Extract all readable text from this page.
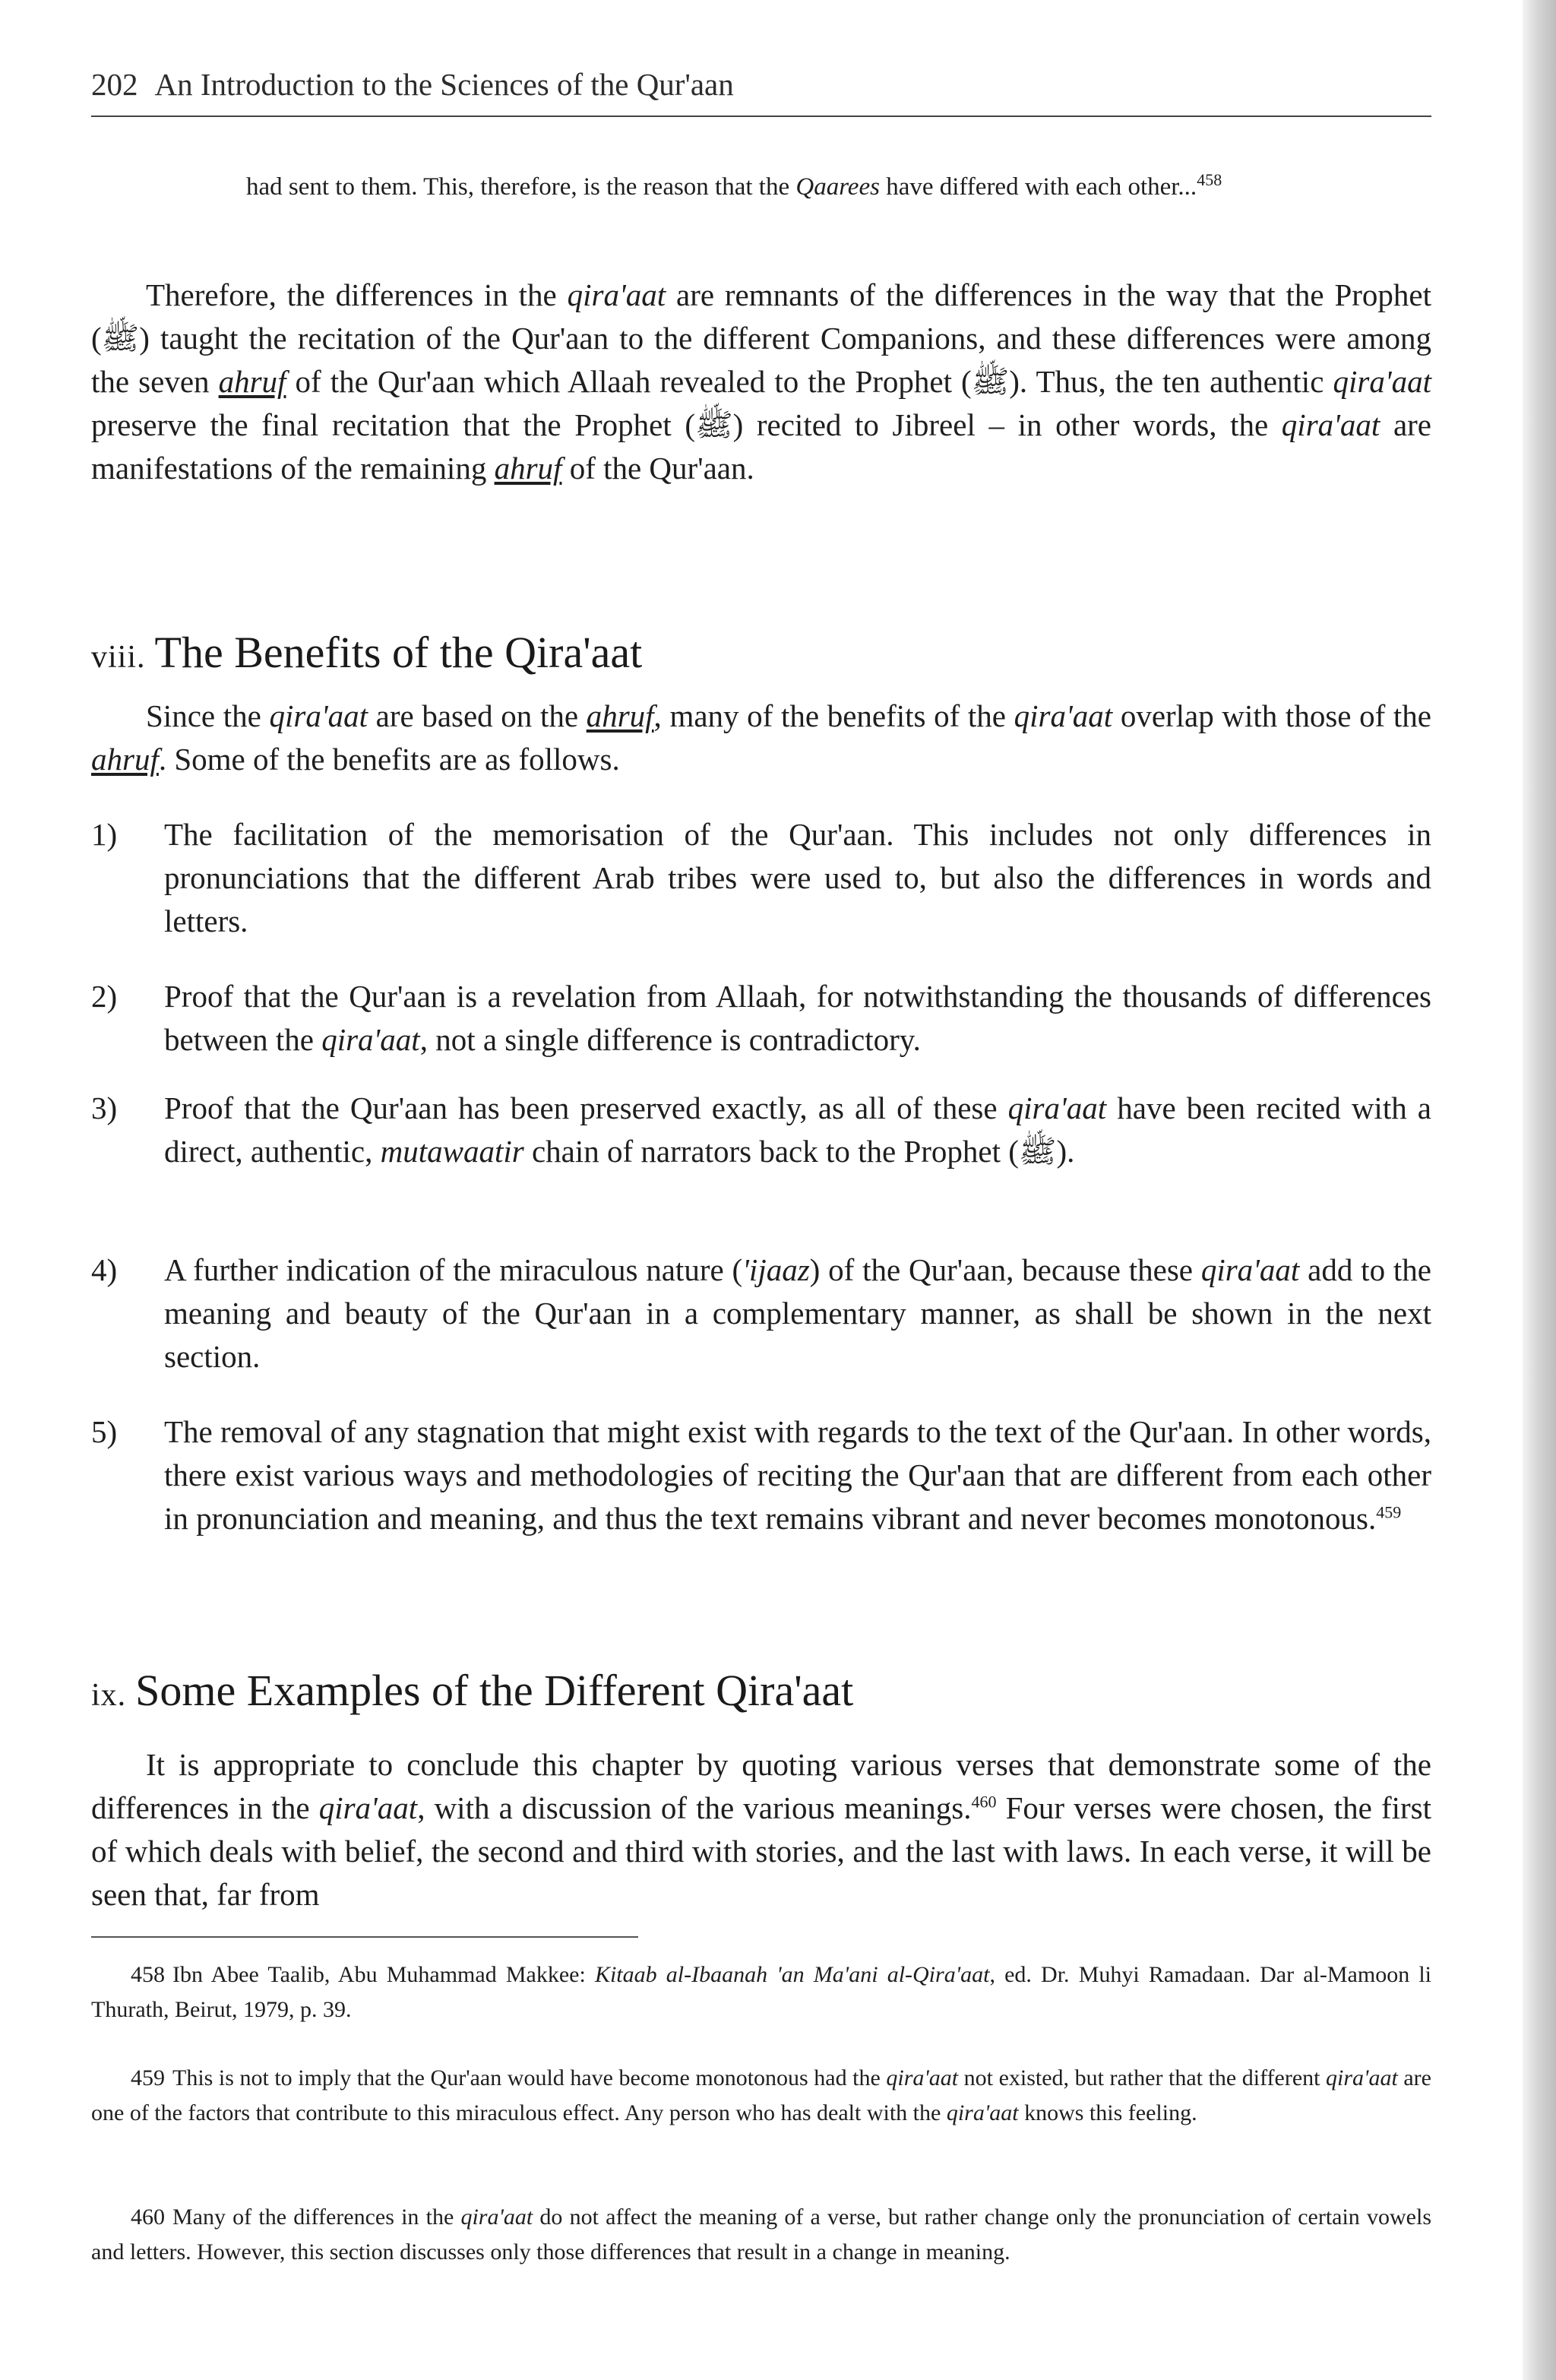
202 An Introduction to the Sciences of the Qur'aan
had sent to them. This, therefore, is the reason that the Qaarees have differed with each other...$^{458}$
Therefore, the differences in the qira'aat are remnants of the differences in the way that the Prophet (ﷺ) taught the recitation of the Qur'aan to the different Companions, and these differences were among the seven ahruf of the Qur'aan which Allaah revealed to the Prophet (ﷺ). Thus, the ten authentic qira'aat preserve the final recitation that the Prophet (ﷺ) recited to Jibreel – in other words, the qira'aat are manifestations of the remaining ahruf of the Qur'aan.
viii. The Benefits of the Qira'aat
Since the qira'aat are based on the ahruf, many of the benefits of the qira'aat overlap with those of the ahruf. Some of the benefits are as follows.
1) The facilitation of the memorisation of the Qur'aan. This includes not only differences in pronunciations that the different Arab tribes were used to, but also the differences in words and letters.
2) Proof that the Qur'aan is a revelation from Allaah, for notwithstanding the thousands of differences between the qira'aat, not a single difference is contradictory.
3) Proof that the Qur'aan has been preserved exactly, as all of these qira'aat have been recited with a direct, authentic, mutawaatir chain of narrators back to the Prophet (ﷺ).
4) A further indication of the miraculous nature ('ijaaz) of the Qur'aan, because these qira'aat add to the meaning and beauty of the Qur'aan in a complementary manner, as shall be shown in the next section.
5) The removal of any stagnation that might exist with regards to the text of the Qur'aan. In other words, there exist various ways and methodologies of reciting the Qur'aan that are different from each other in pronunciation and meaning, and thus the text remains vibrant and never becomes monotonous.$^{459}$
ix. Some Examples of the Different Qira'aat
It is appropriate to conclude this chapter by quoting various verses that demonstrate some of the differences in the qira'aat, with a discussion of the various meanings.$^{460}$ Four verses were chosen, the first of which deals with belief, the second and third with stories, and the last with laws. In each verse, it will be seen that, far from
458 Ibn Abee Taalib, Abu Muhammad Makkee: Kitaab al-Ibaanah 'an Ma'ani al-Qira'aat, ed. Dr. Muhyi Ramadaan. Dar al-Mamoon li Thurath, Beirut, 1979, p. 39.
459 This is not to imply that the Qur'aan would have become monotonous had the qira'aat not existed, but rather that the different qira'aat are one of the factors that contribute to this miraculous effect. Any person who has dealt with the qira'aat knows this feeling.
460 Many of the differences in the qira'aat do not affect the meaning of a verse, but rather change only the pronunciation of certain vowels and letters. However, this section discusses only those differences that result in a change in meaning.
